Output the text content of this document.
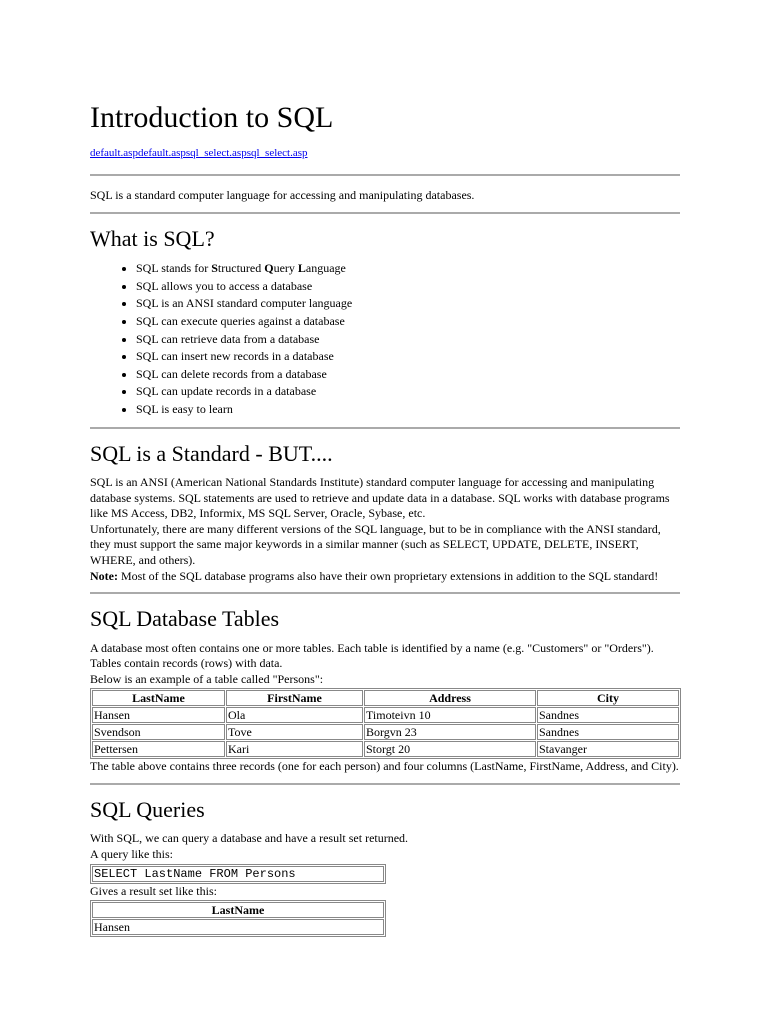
Introduction to SQL
default.aspdefault.aspsql_select.aspsql_select.asp

SQL is a standard computer language for accessing and manipulating databases.

What is SQL?
• SQL stands for Structured Query Language
• SQL allows you to access a database
• SQL is an ANSI standard computer language
• SQL can execute queries against a database
• SQL can retrieve data from a database
• SQL can insert new records in a database
• SQL can delete records from a database
• SQL can update records in a database
• SQL is easy to learn
SQL is a Standard - BUT....

SQL is an ANSI (American National Standards Institute) standard computer language for accessing and manipulating database systems. SQL statements are used to retrieve and update data in a database. SQL works with database programs like MS Access, DB2, Informix, MS SQL Server, Oracle, Sybase, etc.

Unfortunately, there are many different versions of the SQL language, but to be in compliance with the ANSI standard, they must support the same major keywords in a similar manner (such as SELECT, UPDATE, DELETE, INSERT, WHERE, and others).

Note: Most of the SQL database programs also have their own proprietary extensions in addition to the SQL standard!

SQL Database Tables

A database most often contains one or more tables. Each table is identified by a name (e.g. "Customers" or "Orders"). Tables contain records (rows) with data.

Below is an example of a table called "Persons":

LastName	FirstName	Address	City
Hansen	Ola	Timoteivn 10	Sandnes
Svendson	Tove	Borgvn 23	Sandnes
Pettersen	Kari	Storgt 20	Stavanger

The table above contains three records (one for each person) and four columns (LastName, FirstName, Address, and City).

SQL Queries

With SQL, we can query a database and have a result set returned.

A query like this:

SELECT LastName FROM Persons

Gives a result set like this:

LastName
Hansen
